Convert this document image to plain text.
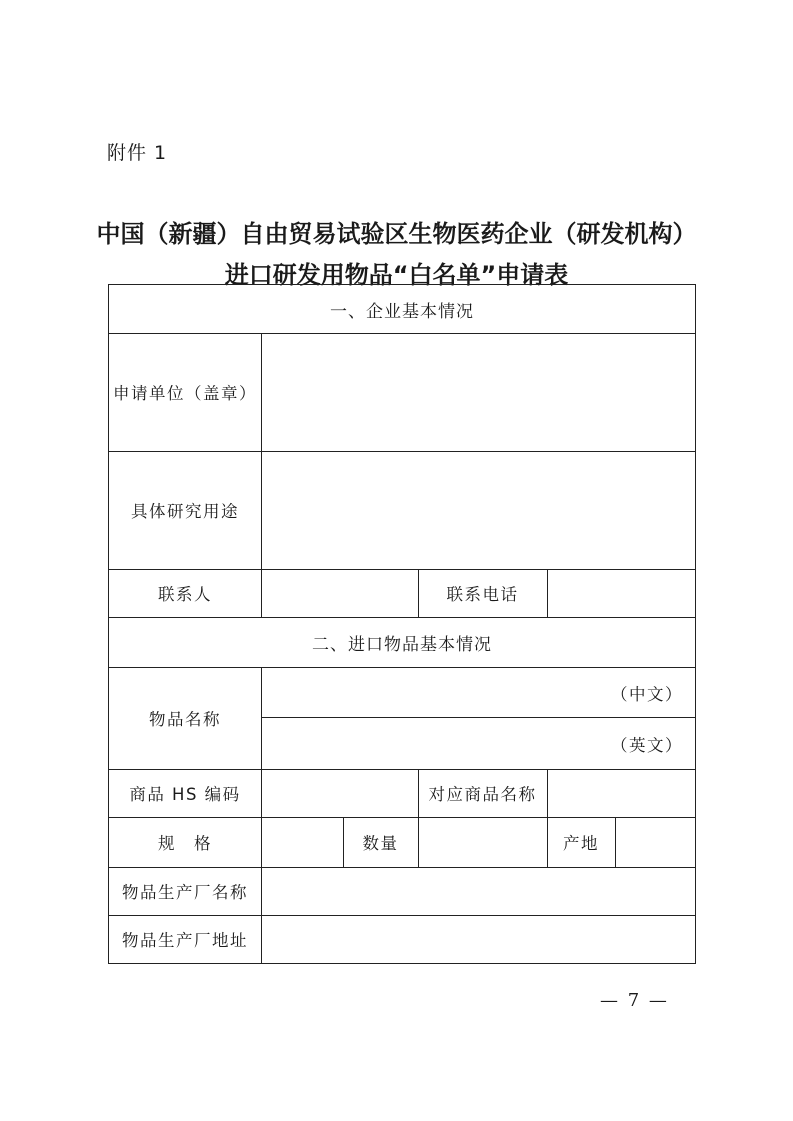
附件 1
中国（新疆）自由贸易试验区生物医药企业（研发机构）
进口研发用物品“白名单”申请表
一、企业基本情况
申请单位（盖章）
具体研究用途
联系人	联系电话
二、进口物品基本情况
物品名称
（中文）
（英文）
商品 HS 编码	对应商品名称
规　格	数量	产地
物品生产厂名称
物品生产厂地址
— 7 —
